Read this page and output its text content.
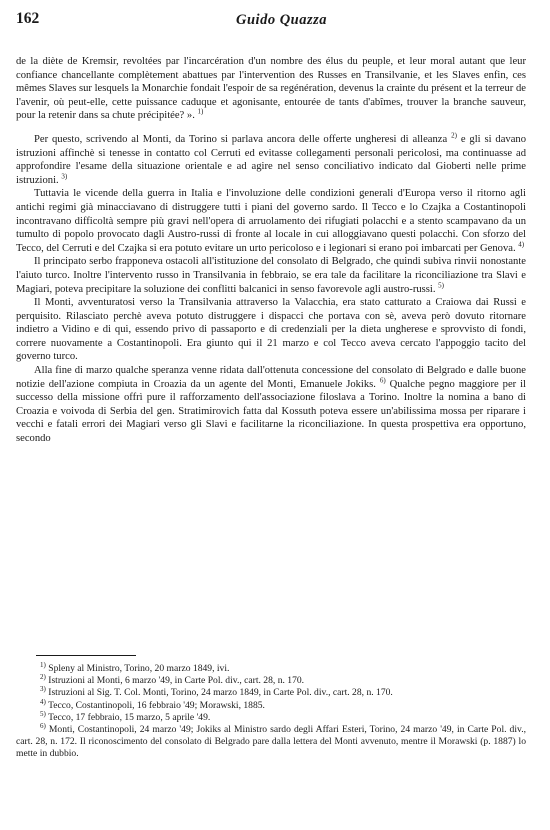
162	Guido Quazza

de la diète de Kremsir, revoltées par l'incarcération d'un nombre des élus du peuple, et leur moral autant que leur confiance chancellante complètement abattues par l'intervention des Russes en Transilvanie, et les Slaves enfin, ces mêmes Slaves sur lesquels la Monarchie fondait l'espoir de sa regénération, devenus la crainte du présent et la terreur de l'avenir, où peut-elle, cette puissance caduque et agonisante, entourée de tants d'abîmes, trouver la branche sauveur, pour la retenir dans sa chute précipitée? ». $^{1)}$

Per questo, scrivendo al Monti, da Torino si parlava ancora delle offerte ungheresi di alleanza $^{2)}$ e gli si davano istruzioni affinchè si tenesse in contatto col Cerruti ed evitasse collegamenti personali pericolosi, ma continuasse ad approfondire l'esame della situazione orientale e ad agire nel senso conciliativo indicato dal Gioberti nelle prime istruzioni. $^{3)}$

Tuttavia le vicende della guerra in Italia e l'involuzione delle condizioni generali d'Europa verso il ritorno agli antichi regimi già minacciavano di distruggere tutti i piani del governo sardo. Il Tecco e lo Czajka a Costantinopoli incontravano difficoltà sempre più gravi nell'opera di arruolamento dei rifugiati polacchi e a stento scampavano da un tumulto di popolo provocato dagli Austro-russi di fronte al locale in cui alloggiavano questi polacchi. Con sforzo del Tecco, del Cerruti e del Czajka si era potuto evitare un urto pericoloso e i legionari si erano poi imbarcati per Genova. $^{4)}$

Il principato serbo frapponeva ostacoli all'istituzione del consolato di Belgrado, che quindi subiva rinvii nonostante l'aiuto turco. Inoltre l'intervento russo in Transilvania in febbraio, se era tale da facilitare la riconciliazione tra Slavi e Magiari, poteva precipitare la soluzione dei conflitti balcanici in senso favorevole agli austro-russi. $^{5)}$

Il Monti, avventuratosi verso la Transilvania attraverso la Valacchia, era stato catturato a Craiowa dai Russi e perquisito. Rilasciato perchè aveva potuto distruggere i dispacci che portava con sè, aveva però dovuto ritornare indietro a Vidino e di qui, essendo privo di passaporto e di credenziali per la dieta ungherese e sprovvisto di fondi, correre nuovamente a Costantinopoli. Era giunto qui il 21 marzo e col Tecco aveva cercato l'appoggio tacito del governo turco.

Alla fine di marzo qualche speranza venne ridata dall'ottenuta concessione del consolato di Belgrado e dalle buone notizie dell'azione compiuta in Croazia da un agente del Monti, Emanuele Jokiks. $^{6)}$ Qualche pegno maggiore per il successo della missione offrì pure il rafforzamento dell'associazione filoslava a Torino. Inoltre la nomina a bano di Croazia e voivoda di Serbia del gen. Stratimirovich fatta dal Kossuth poteva essere un'abilissima mossa per riparare i vecchi e fatali errori dei Magiari verso gli Slavi e facilitarne la riconciliazione. In questa prospettiva era opportuno, secondo

$^{1)}$ Spleny al Ministro, Torino, 20 marzo 1849, ivi.

$^{2)}$ Istruzioni al Monti, 6 marzo '49, in Carte Pol. div., cart. 28, n. 170.

$^{3)}$ Istruzioni al Sig. T. Col. Monti, Torino, 24 marzo 1849, in Carte Pol. div., cart. 28, n. 170.

$^{4)}$ Tecco, Costantinopoli, 16 febbraio '49; Morawski, 1885.

$^{5)}$ Tecco, 17 febbraio, 15 marzo, 5 aprile '49.

$^{6)}$ Monti, Costantinopoli, 24 marzo '49; Jokiks al Ministro sardo degli Affari Esteri, Torino, 24 marzo '49, in Carte Pol. div., cart. 28, n. 172. Il riconoscimento del consolato di Belgrado pare dalla lettera del Monti avvenuto, mentre il Morawski (p. 1887) lo mette in dubbio.
